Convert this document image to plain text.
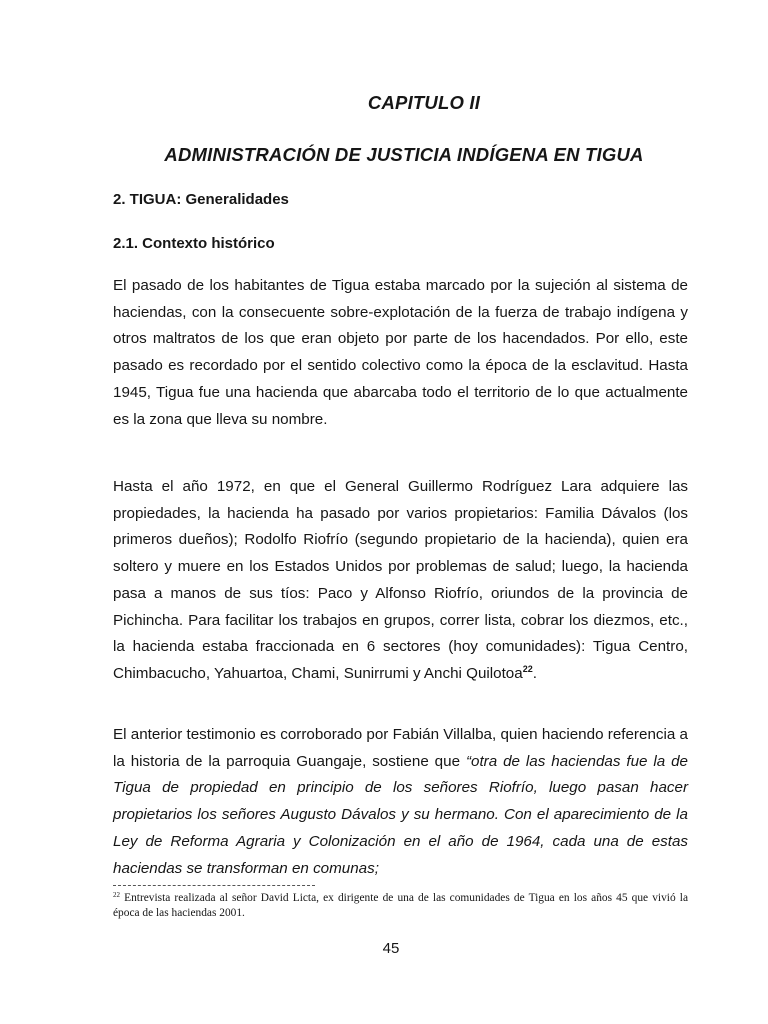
CAPITULO II
ADMINISTRACIÓN DE JUSTICIA INDÍGENA EN TIGUA
2. TIGUA: Generalidades
2.1. Contexto histórico

El pasado de los habitantes de Tigua estaba marcado por la sujeción al sistema de haciendas, con la consecuente sobre-explotación de la fuerza de trabajo indígena y otros maltratos de los que eran objeto por parte de los hacendados. Por ello, este pasado es recordado por el sentido colectivo como la época de la esclavitud. Hasta 1945, Tigua fue una hacienda que abarcaba todo el territorio de lo que actualmente es la zona que lleva su nombre.

Hasta el año 1972, en que el General Guillermo Rodríguez Lara adquiere las propiedades, la hacienda ha pasado por varios propietarios: Familia Dávalos (los primeros dueños); Rodolfo Riofrío (segundo propietario de la hacienda), quien era soltero y muere en los Estados Unidos por problemas de salud; luego, la hacienda pasa a manos de sus tíos: Paco y Alfonso Riofrío, oriundos de la provincia de Pichincha. Para facilitar los trabajos en grupos, correr lista, cobrar los diezmos, etc., la hacienda estaba fraccionada en 6 sectores (hoy comunidades): Tigua Centro, Chimbacucho, Yahuartoa, Chami, Sunirrumi y Anchi Quilotoa$^{22}$.

El anterior testimonio es corroborado por Fabián Villalba, quien haciendo referencia a la historia de la parroquia Guangaje, sostiene que “otra de las haciendas fue la de Tigua de propiedad en principio de los señores Riofrío, luego pasan hacer propietarios los señores Augusto Dávalos y su hermano. Con el aparecimiento de la Ley de Reforma Agraria y Colonización en el año de 1964, cada una de estas haciendas se transforman en comunas;

$^{22}$ Entrevista realizada al señor David Licta, ex dirigente de una de las comunidades de Tigua en los años 45 que vivió la época de las haciendas 2001.
45
